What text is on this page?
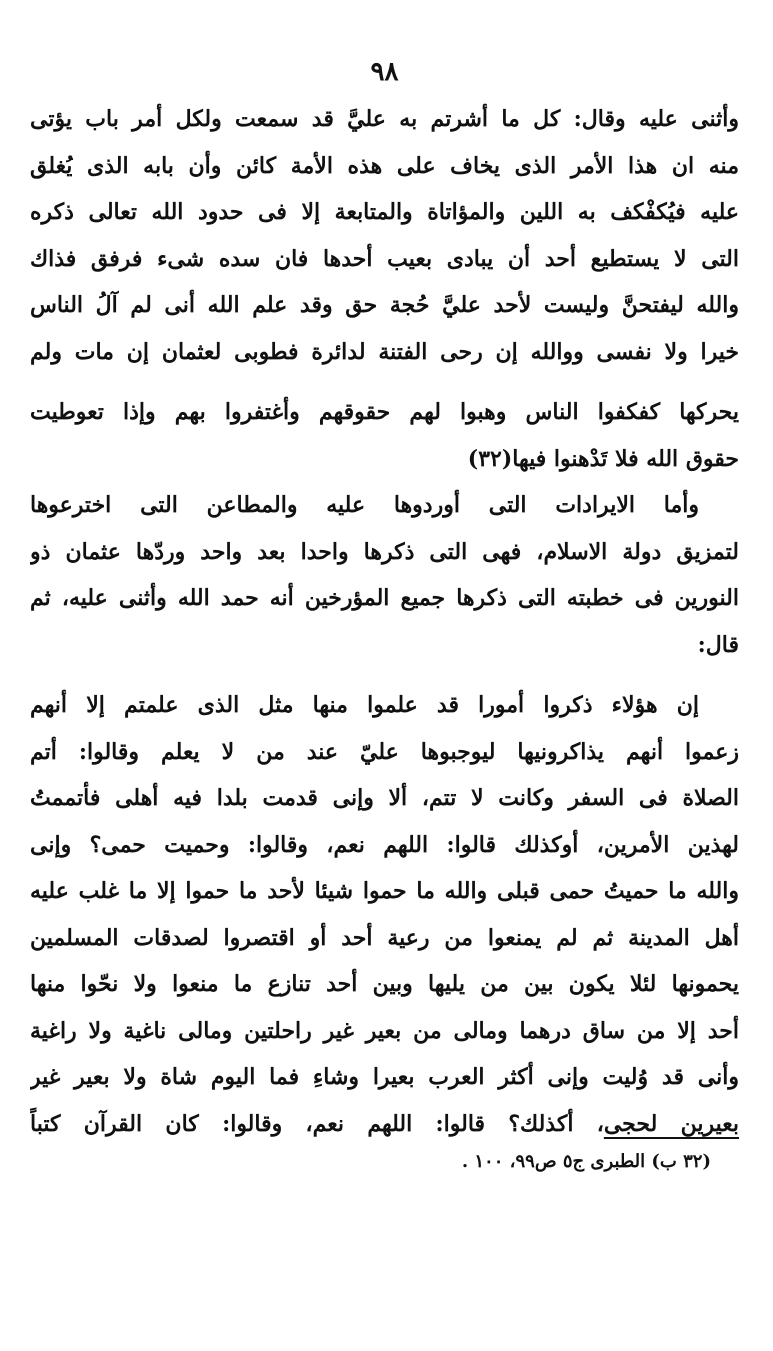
٩٨
وأثنى عليه وقال: كل ما أشرتم به عليَّ قد سمعت ولكل أمر باب يؤتى
منه ان هذا الأمر الذى يخاف على هذه الأمة كائن وأن بابه الذى يُغلق
عليه فيُكفْكف به اللين والمؤاتاة والمتابعة إلا فى حدود الله تعالى ذكره
التى لا يستطيع أحد أن يبادى بعيب أحدها فان سده شىء فرفق فذاك
والله ليفتحنَّ وليست لأحد عليَّ حُجة حق وقد علم الله أنى لم آلُ الناس
خيرا ولا نفسى ووالله إن رحى الفتنة لدائرة فطوبى لعثمان إن مات ولم
يحركها كفكفوا الناس وهبوا لهم حقوقهم وأغتفروا بهم وإذا تعوطيت
حقوق الله فلا تَدْهنوا فيها(٣٢)
وأما الايرادات التى أوردوها عليه والمطاعن التى اخترعوها
لتمزيق دولة الاسلام، فهى التى ذكرها واحدا بعد واحد وردّها عثمان ذو
النورين فى خطبته التى ذكرها جميع المؤرخين أنه حمد الله وأثنى عليه، ثم
قال:
إن هؤلاء ذكروا أمورا قد علموا منها مثل الذى علمتم إلا أنهم
زعموا أنهم يذاكرونيها ليوجبوها عليّ عند من لا يعلم وقالوا: أتم
الصلاة فى السفر وكانت لا تتم، ألا وإنى قدمت بلدا فيه أهلى فأتممتُ
لهذين الأمرين، أوكذلك قالوا: اللهم نعم، وقالوا: وحميت حمى؟ وإنى
والله ما حميتُ حمى قبلى والله ما حموا شيئا لأحد ما حموا إلا ما غلب عليه
أهل المدينة ثم لم يمنعوا من رعية أحد أو اقتصروا لصدقات المسلمين
يحمونها لئلا يكون بين من يليها وبين أحد تنازع ما منعوا ولا نحّوا منها
أحد إلا من ساق درهما ومالى من بعير غير راحلتين ومالى ناغية ولا راغية
وأنى قد وُليت وإنى أكثر العرب بعيرا وشاءِ فما اليوم شاة ولا بعير غير
بعيرين لحجى، أكذلك؟ قالوا: اللهم نعم، وقالوا: كان القرآن كتباً
(٣٢ ب) الطبرى ج٥ ص٩٩، ١٠٠ .
